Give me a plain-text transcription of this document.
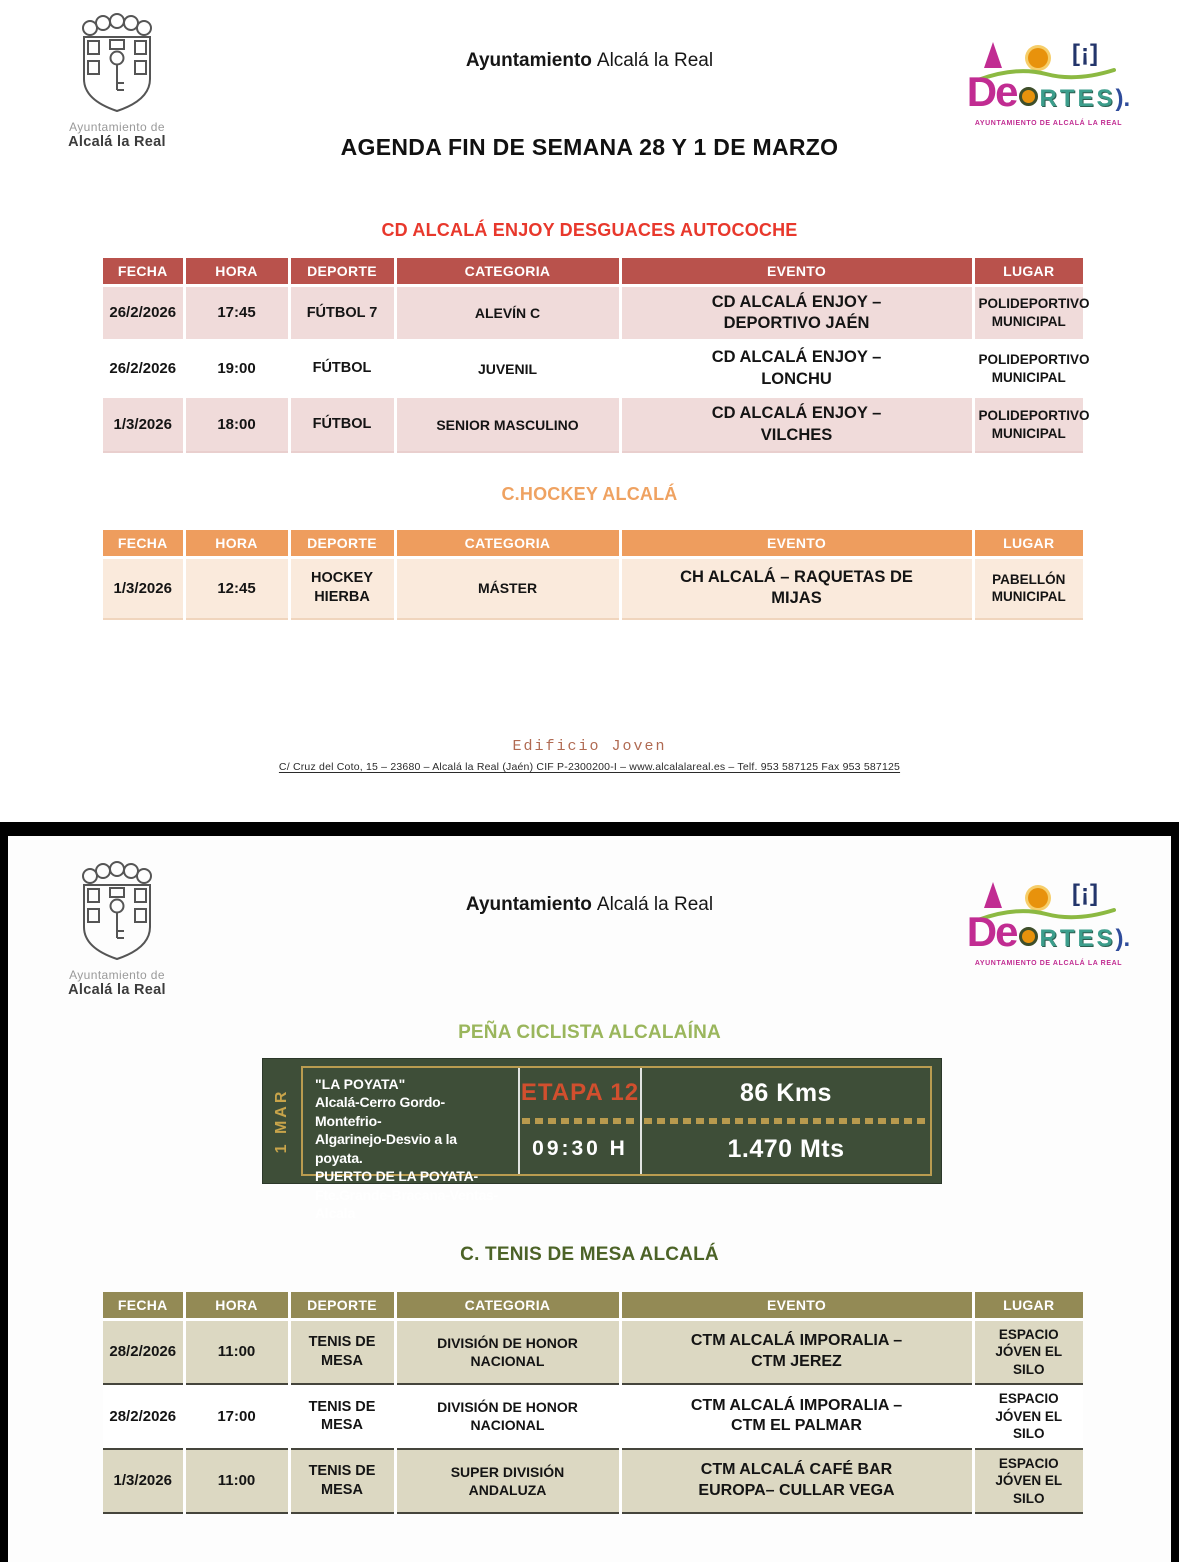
Ayuntamiento de
Alcalá la Real
Ayuntamiento Alcalá la Real	[¡]
De RTES).
AYUNTAMIENTO DE ALCALÁ LA REAL
AGENDA FIN DE SEMANA 28 Y 1 DE MARZO
CD ALCALÁ ENJOY DESGUACES AUTOCOCHE
FECHA	HORA	DEPORTE	CATEGORIA	EVENTO	LUGAR
26/2/2026	17:45	FÚTBOL 7	ALEVÍN C	CD ALCALÁ ENJOY – DEPORTIVO JAÉN	POLIDEPORTIVO MUNICIPAL
26/2/2026	19:00	FÚTBOL	JUVENIL	CD ALCALÁ ENJOY – LONCHU	POLIDEPORTIVO MUNICIPAL
1/3/2026	18:00	FÚTBOL	SENIOR MASCULINO	CD ALCALÁ ENJOY – VILCHES	POLIDEPORTIVO MUNICIPAL
C.HOCKEY ALCALÁ
FECHA	HORA	DEPORTE	CATEGORIA	EVENTO	LUGAR
1/3/2026	12:45	HOCKEY HIERBA	MÁSTER	CH ALCALÁ – RAQUETAS DE MIJAS	PABELLÓN MUNICIPAL
Edificio Joven
C/ Cruz del Coto, 15 – 23680 – Alcalá la Real (Jaén) CIF P-2300200-I – www.alcalalareal.es – Telf. 953 587125 Fax 953 587125
Ayuntamiento de
Alcalá la Real
Ayuntamiento Alcalá la Real	[¡]
De RTES).
AYUNTAMIENTO DE ALCALÁ LA REAL
PEÑA CICLISTA ALCALAÍNA
1 MAR
"LA POYATA"
Alcalá-Cerro Gordo-Montefrio-
Algarinejo-Desvio a la poyata.
PUERTO DE LA POYATA-
Fte.Grande-Bracana-Ventas-Alcala
ETAPA 12
09:30 H
86 Kms
1.470 Mts
C. TENIS DE MESA ALCALÁ
FECHA	HORA	DEPORTE	CATEGORIA	EVENTO	LUGAR
28/2/2026	11:00	TENIS DE MESA	DIVISIÓN DE HONOR NACIONAL	CTM ALCALÁ IMPORALIA – CTM JEREZ	ESPACIO JÓVEN EL SILO
28/2/2026	17:00	TENIS DE MESA	DIVISIÓN DE HONOR NACIONAL	CTM ALCALÁ IMPORALIA – CTM EL PALMAR	ESPACIO JÓVEN EL SILO
1/3/2026	11:00	TENIS DE MESA	SUPER DIVISIÓN ANDALUZA	CTM ALCALÁ CAFÉ BAR EUROPA– CULLAR VEGA	ESPACIO JÓVEN EL SILO
